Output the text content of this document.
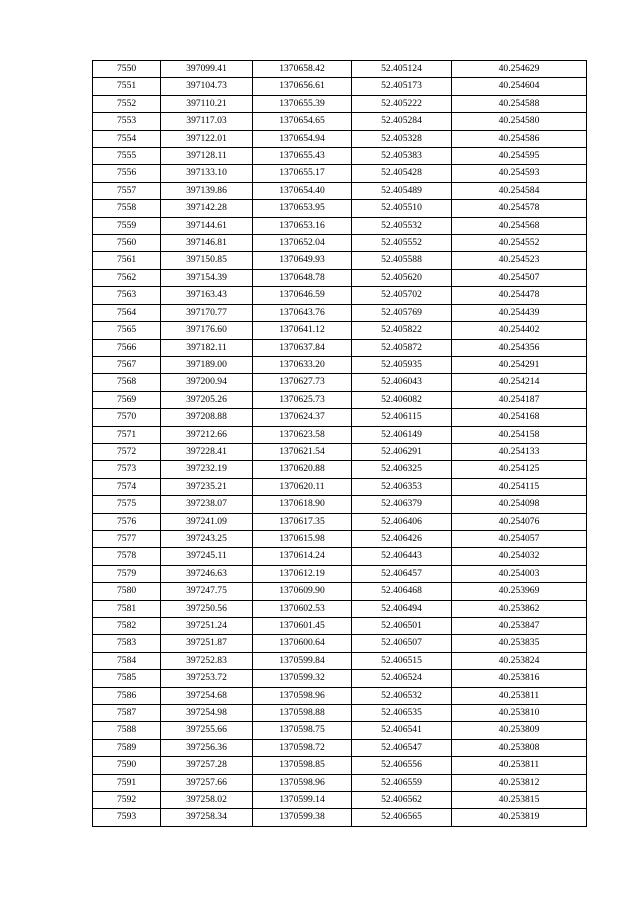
7550	397099.41	1370658.42	52.405124	40.254629
7551	397104.73	1370656.61	52.405173	40.254604
7552	397110.21	1370655.39	52.405222	40.254588
7553	397117.03	1370654.65	52.405284	40.254580
7554	397122.01	1370654.94	52.405328	40.254586
7555	397128.11	1370655.43	52.405383	40.254595
7556	397133.10	1370655.17	52.405428	40.254593
7557	397139.86	1370654.40	52.405489	40.254584
7558	397142.28	1370653.95	52.405510	40.254578
7559	397144.61	1370653.16	52.405532	40.254568
7560	397146.81	1370652.04	52.405552	40.254552
7561	397150.85	1370649.93	52.405588	40.254523
7562	397154.39	1370648.78	52.405620	40.254507
7563	397163.43	1370646.59	52.405702	40.254478
7564	397170.77	1370643.76	52.405769	40.254439
7565	397176.60	1370641.12	52.405822	40.254402
7566	397182.11	1370637.84	52.405872	40.254356
7567	397189.00	1370633.20	52.405935	40.254291
7568	397200.94	1370627.73	52.406043	40.254214
7569	397205.26	1370625.73	52.406082	40.254187
7570	397208.88	1370624.37	52.406115	40.254168
7571	397212.66	1370623.58	52.406149	40.254158
7572	397228.41	1370621.54	52.406291	40.254133
7573	397232.19	1370620.88	52.406325	40.254125
7574	397235.21	1370620.11	52.406353	40.254115
7575	397238.07	1370618.90	52.406379	40.254098
7576	397241.09	1370617.35	52.406406	40.254076
7577	397243.25	1370615.98	52.406426	40.254057
7578	397245.11	1370614.24	52.406443	40.254032
7579	397246.63	1370612.19	52.406457	40.254003
7580	397247.75	1370609.90	52.406468	40.253969
7581	397250.56	1370602.53	52.406494	40.253862
7582	397251.24	1370601.45	52.406501	40.253847
7583	397251.87	1370600.64	52.406507	40.253835
7584	397252.83	1370599.84	52.406515	40.253824
7585	397253.72	1370599.32	52.406524	40.253816
7586	397254.68	1370598.96	52.406532	40.253811
7587	397254.98	1370598.88	52.406535	40.253810
7588	397255.66	1370598.75	52.406541	40.253809
7589	397256.36	1370598.72	52.406547	40.253808
7590	397257.28	1370598.85	52.406556	40.253811
7591	397257.66	1370598.96	52.406559	40.253812
7592	397258.02	1370599.14	52.406562	40.253815
7593	397258.34	1370599.38	52.406565	40.253819
